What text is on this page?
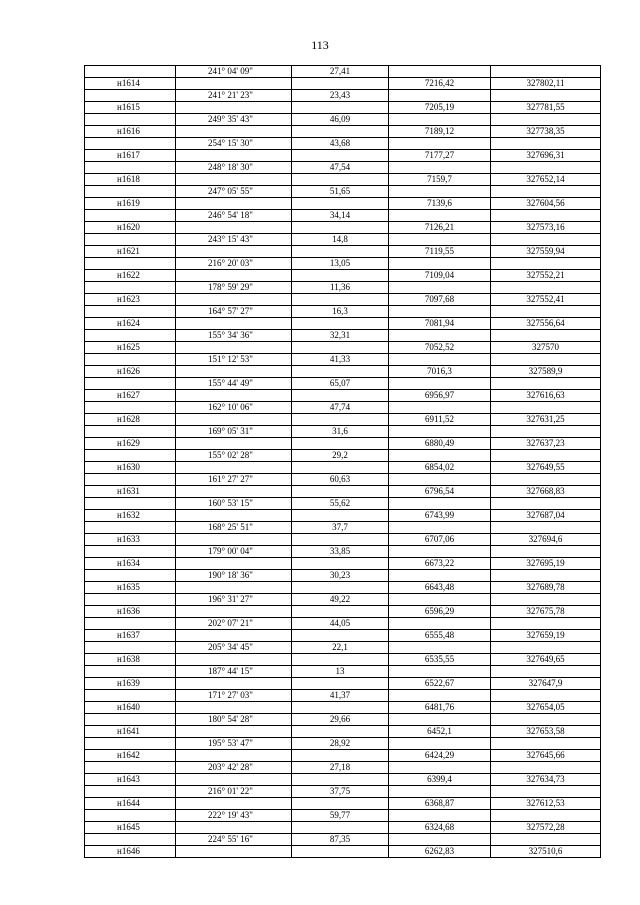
113
	241° 04' 09"	27,41		
н1614			7216,42	327802,11
	241° 21' 23"	23,43		
н1615			7205,19	327781,55
	249° 35' 43"	46,09		
н1616			7189,12	327738,35
	254° 15' 30"	43,68		
н1617			7177,27	327696,31
	248° 18' 30"	47,54		
н1618			7159,7	327652,14
	247° 05' 55"	51,65		
н1619			7139,6	327604,56
	246° 54' 18"	34,14		
н1620			7126,21	327573,16
	243° 15' 43"	14,8		
н1621			7119,55	327559,94
	216° 20' 03"	13,05		
н1622			7109,04	327552,21
	178° 59' 29"	11,36		
н1623			7097,68	327552,41
	164° 57' 27"	16,3		
н1624			7081,94	327556,64
	155° 34' 36"	32,31		
н1625			7052,52	327570
	151° 12' 53"	41,33		
н1626			7016,3	327589,9
	155° 44' 49"	65,07		
н1627			6956,97	327616,63
	162° 10' 06"	47,74		
н1628			6911,52	327631,25
	169° 05' 31"	31,6		
н1629			6880,49	327637,23
	155° 02' 28"	29,2		
н1630			6854,02	327649,55
	161° 27' 27"	60,63		
н1631			6796,54	327668,83
	160° 53' 15"	55,62		
н1632			6743,99	327687,04
	168° 25' 51"	37,7		
н1633			6707,06	327694,6
	179° 00' 04"	33,85		
н1634			6673,22	327695,19
	190° 18' 36"	30,23		
н1635			6643,48	327689,78
	196° 31' 27"	49,22		
н1636			6596,29	327675,78
	202° 07' 21"	44,05		
н1637			6555,48	327659,19
	205° 34' 45"	22,1		
н1638			6535,55	327649,65
	187° 44' 15"	13		
н1639			6522,67	327647,9
	171° 27' 03"	41,37		
н1640			6481,76	327654,05
	180° 54' 28"	29,66		
н1641			6452,1	327653,58
	195° 53' 47"	28,92		
н1642			6424,29	327645,66
	203° 42' 28"	27,18		
н1643			6399,4	327634,73
	216° 01' 22"	37,75		
н1644			6368,87	327612,53
	222° 19' 43"	59,77		
н1645			6324,68	327572,28
	224° 55' 16"	87,35		
н1646			6262,83	327510,6
